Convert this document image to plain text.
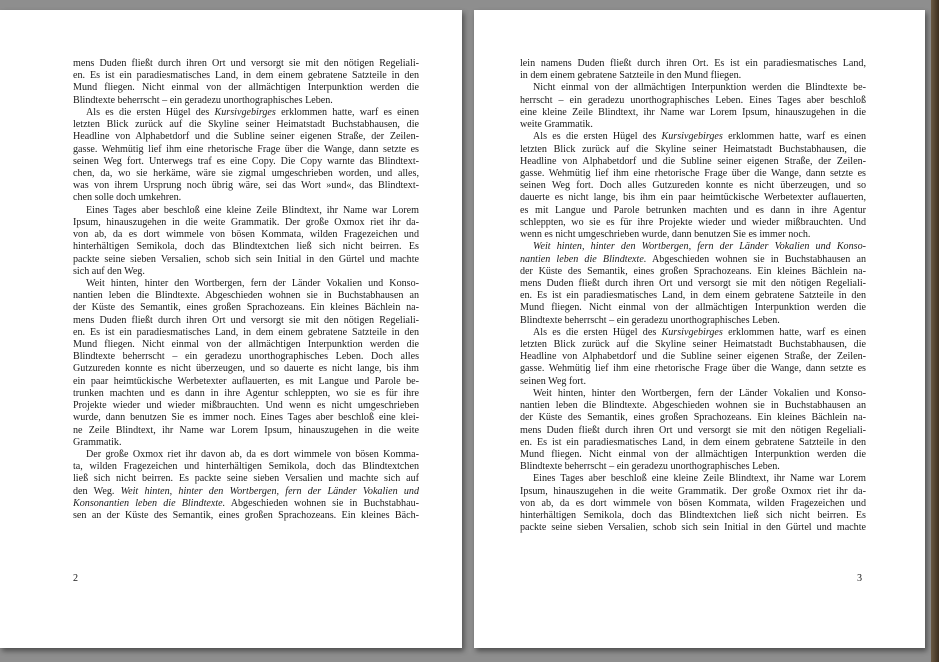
mens Duden fließt durch ihren Ort und versorgt sie mit den nötigen Regeliali-
en. Es ist ein paradiesmatisches Land, in dem einem gebratene Satzteile in den
Mund fliegen. Nicht einmal von der allmächtigen Interpunktion werden die
Blindtexte beherrscht – ein geradezu unorthographisches Leben.
Als es die ersten Hügel des Kursivgebirges erklommen hatte, warf es einen
letzten Blick zurück auf die Skyline seiner Heimatstadt Buchstabhausen, die
Headline von Alphabetdorf und die Subline seiner eigenen Straße, der Zeilen-
gasse. Wehmütig lief ihm eine rhetorische Frage über die Wange, dann setzte es
seinen Weg fort. Unterwegs traf es eine Copy. Die Copy warnte das Blindtext-
chen, da, wo sie herkäme, wäre sie zigmal umgeschrieben worden, und alles,
was von ihrem Ursprung noch übrig wäre, sei das Wort »und«, das Blindtext-
chen solle doch umkehren.
Eines Tages aber beschloß eine kleine Zeile Blindtext, ihr Name war Lorem
Ipsum, hinauszugehen in die weite Grammatik. Der große Oxmox riet ihr da-
von ab, da es dort wimmele von bösen Kommata, wilden Fragezeichen und
hinterhältigen Semikola, doch das Blindtextchen ließ sich nicht beirren. Es
packte seine sieben Versalien, schob sich sein Initial in den Gürtel und machte
sich auf den Weg.
Weit hinten, hinter den Wortbergen, fern der Länder Vokalien und Konso-
nantien leben die Blindtexte. Abgeschieden wohnen sie in Buchstabhausen an
der Küste des Semantik, eines großen Sprachozeans. Ein kleines Bächlein na-
mens Duden fließt durch ihren Ort und versorgt sie mit den nötigen Regeliali-
en. Es ist ein paradiesmatisches Land, in dem einem gebratene Satzteile in den
Mund fliegen. Nicht einmal von der allmächtigen Interpunktion werden die
Blindtexte beherrscht – ein geradezu unorthographisches Leben. Doch alles
Gutzureden konnte es nicht überzeugen, und so dauerte es nicht lange, bis ihm
ein paar heimtückische Werbetexter auflauerten, es mit Langue und Parole be-
trunken machten und es dann in ihre Agentur schleppten, wo sie es für ihre
Projekte wieder und wieder mißbrauchten. Und wenn es nicht umgeschrieben
wurde, dann benutzen Sie es immer noch. Eines Tages aber beschloß eine klei-
ne Zeile Blindtext, ihr Name war Lorem Ipsum, hinauszugehen in die weite
Grammatik.
Der große Oxmox riet ihr davon ab, da es dort wimmele von bösen Komma-
ta, wilden Fragezeichen und hinterhältigen Semikola, doch das Blindtextchen
ließ sich nicht beirren. Es packte seine sieben Versalien und machte sich auf
den Weg. Weit hinten, hinter den Wortbergen, fern der Länder Vokalien und
Konsonantien leben die Blindtexte. Abgeschieden wohnen sie in Buchstabhau-
sen an der Küste des Semantik, eines großen Sprachozeans. Ein kleines Bäch-
2
lein namens Duden fließt durch ihren Ort. Es ist ein paradiesmatisches Land,
in dem einem gebratene Satzteile in den Mund fliegen.
Nicht einmal von der allmächtigen Interpunktion werden die Blindtexte be-
herrscht – ein geradezu unorthographisches Leben. Eines Tages aber beschloß
eine kleine Zeile Blindtext, ihr Name war Lorem Ipsum, hinauszugehen in die
weite Grammatik.
Als es die ersten Hügel des Kursivgebirges erklommen hatte, warf es einen
letzten Blick zurück auf die Skyline seiner Heimatstadt Buchstabhausen, die
Headline von Alphabetdorf und die Subline seiner eigenen Straße, der Zeilen-
gasse. Wehmütig lief ihm eine rhetorische Frage über die Wange, dann setzte es
seinen Weg fort. Doch alles Gutzureden konnte es nicht überzeugen, und so
dauerte es nicht lange, bis ihm ein paar heimtückische Werbetexter auflauerten,
es mit Langue und Parole betrunken machten und es dann in ihre Agentur
schleppten, wo sie es für ihre Projekte wieder und wieder mißbrauchten. Und
wenn es nicht umgeschrieben wurde, dann benutzen Sie es immer noch.
Weit hinten, hinter den Wortbergen, fern der Länder Vokalien und Konso-
nantien leben die Blindtexte. Abgeschieden wohnen sie in Buchstabhausen an
der Küste des Semantik, eines großen Sprachozeans. Ein kleines Bächlein na-
mens Duden fließt durch ihren Ort und versorgt sie mit den nötigen Regeliali-
en. Es ist ein paradiesmatisches Land, in dem einem gebratene Satzteile in den
Mund fliegen. Nicht einmal von der allmächtigen Interpunktion werden die
Blindtexte beherrscht – ein geradezu unorthographisches Leben.
Als es die ersten Hügel des Kursivgebirges erklommen hatte, warf es einen
letzten Blick zurück auf die Skyline seiner Heimatstadt Buchstabhausen, die
Headline von Alphabetdorf und die Subline seiner eigenen Straße, der Zeilen-
gasse. Wehmütig lief ihm eine rhetorische Frage über die Wange, dann setzte es
seinen Weg fort.
Weit hinten, hinter den Wortbergen, fern der Länder Vokalien und Konso-
nantien leben die Blindtexte. Abgeschieden wohnen sie in Buchstabhausen an
der Küste des Semantik, eines großen Sprachozeans. Ein kleines Bächlein na-
mens Duden fließt durch ihren Ort und versorgt sie mit den nötigen Regeliali-
en. Es ist ein paradiesmatisches Land, in dem einem gebratene Satzteile in den
Mund fliegen. Nicht einmal von der allmächtigen Interpunktion werden die
Blindtexte beherrscht – ein geradezu unorthographisches Leben.
Eines Tages aber beschloß eine kleine Zeile Blindtext, ihr Name war Lorem
Ipsum, hinauszugehen in die weite Grammatik. Der große Oxmox riet ihr da-
von ab, da es dort wimmele von bösen Kommata, wilden Fragezeichen und
hinterhältigen Semikola, doch das Blindtextchen ließ sich nicht beirren. Es
packte seine sieben Versalien, schob sich sein Initial in den Gürtel und machte
3
